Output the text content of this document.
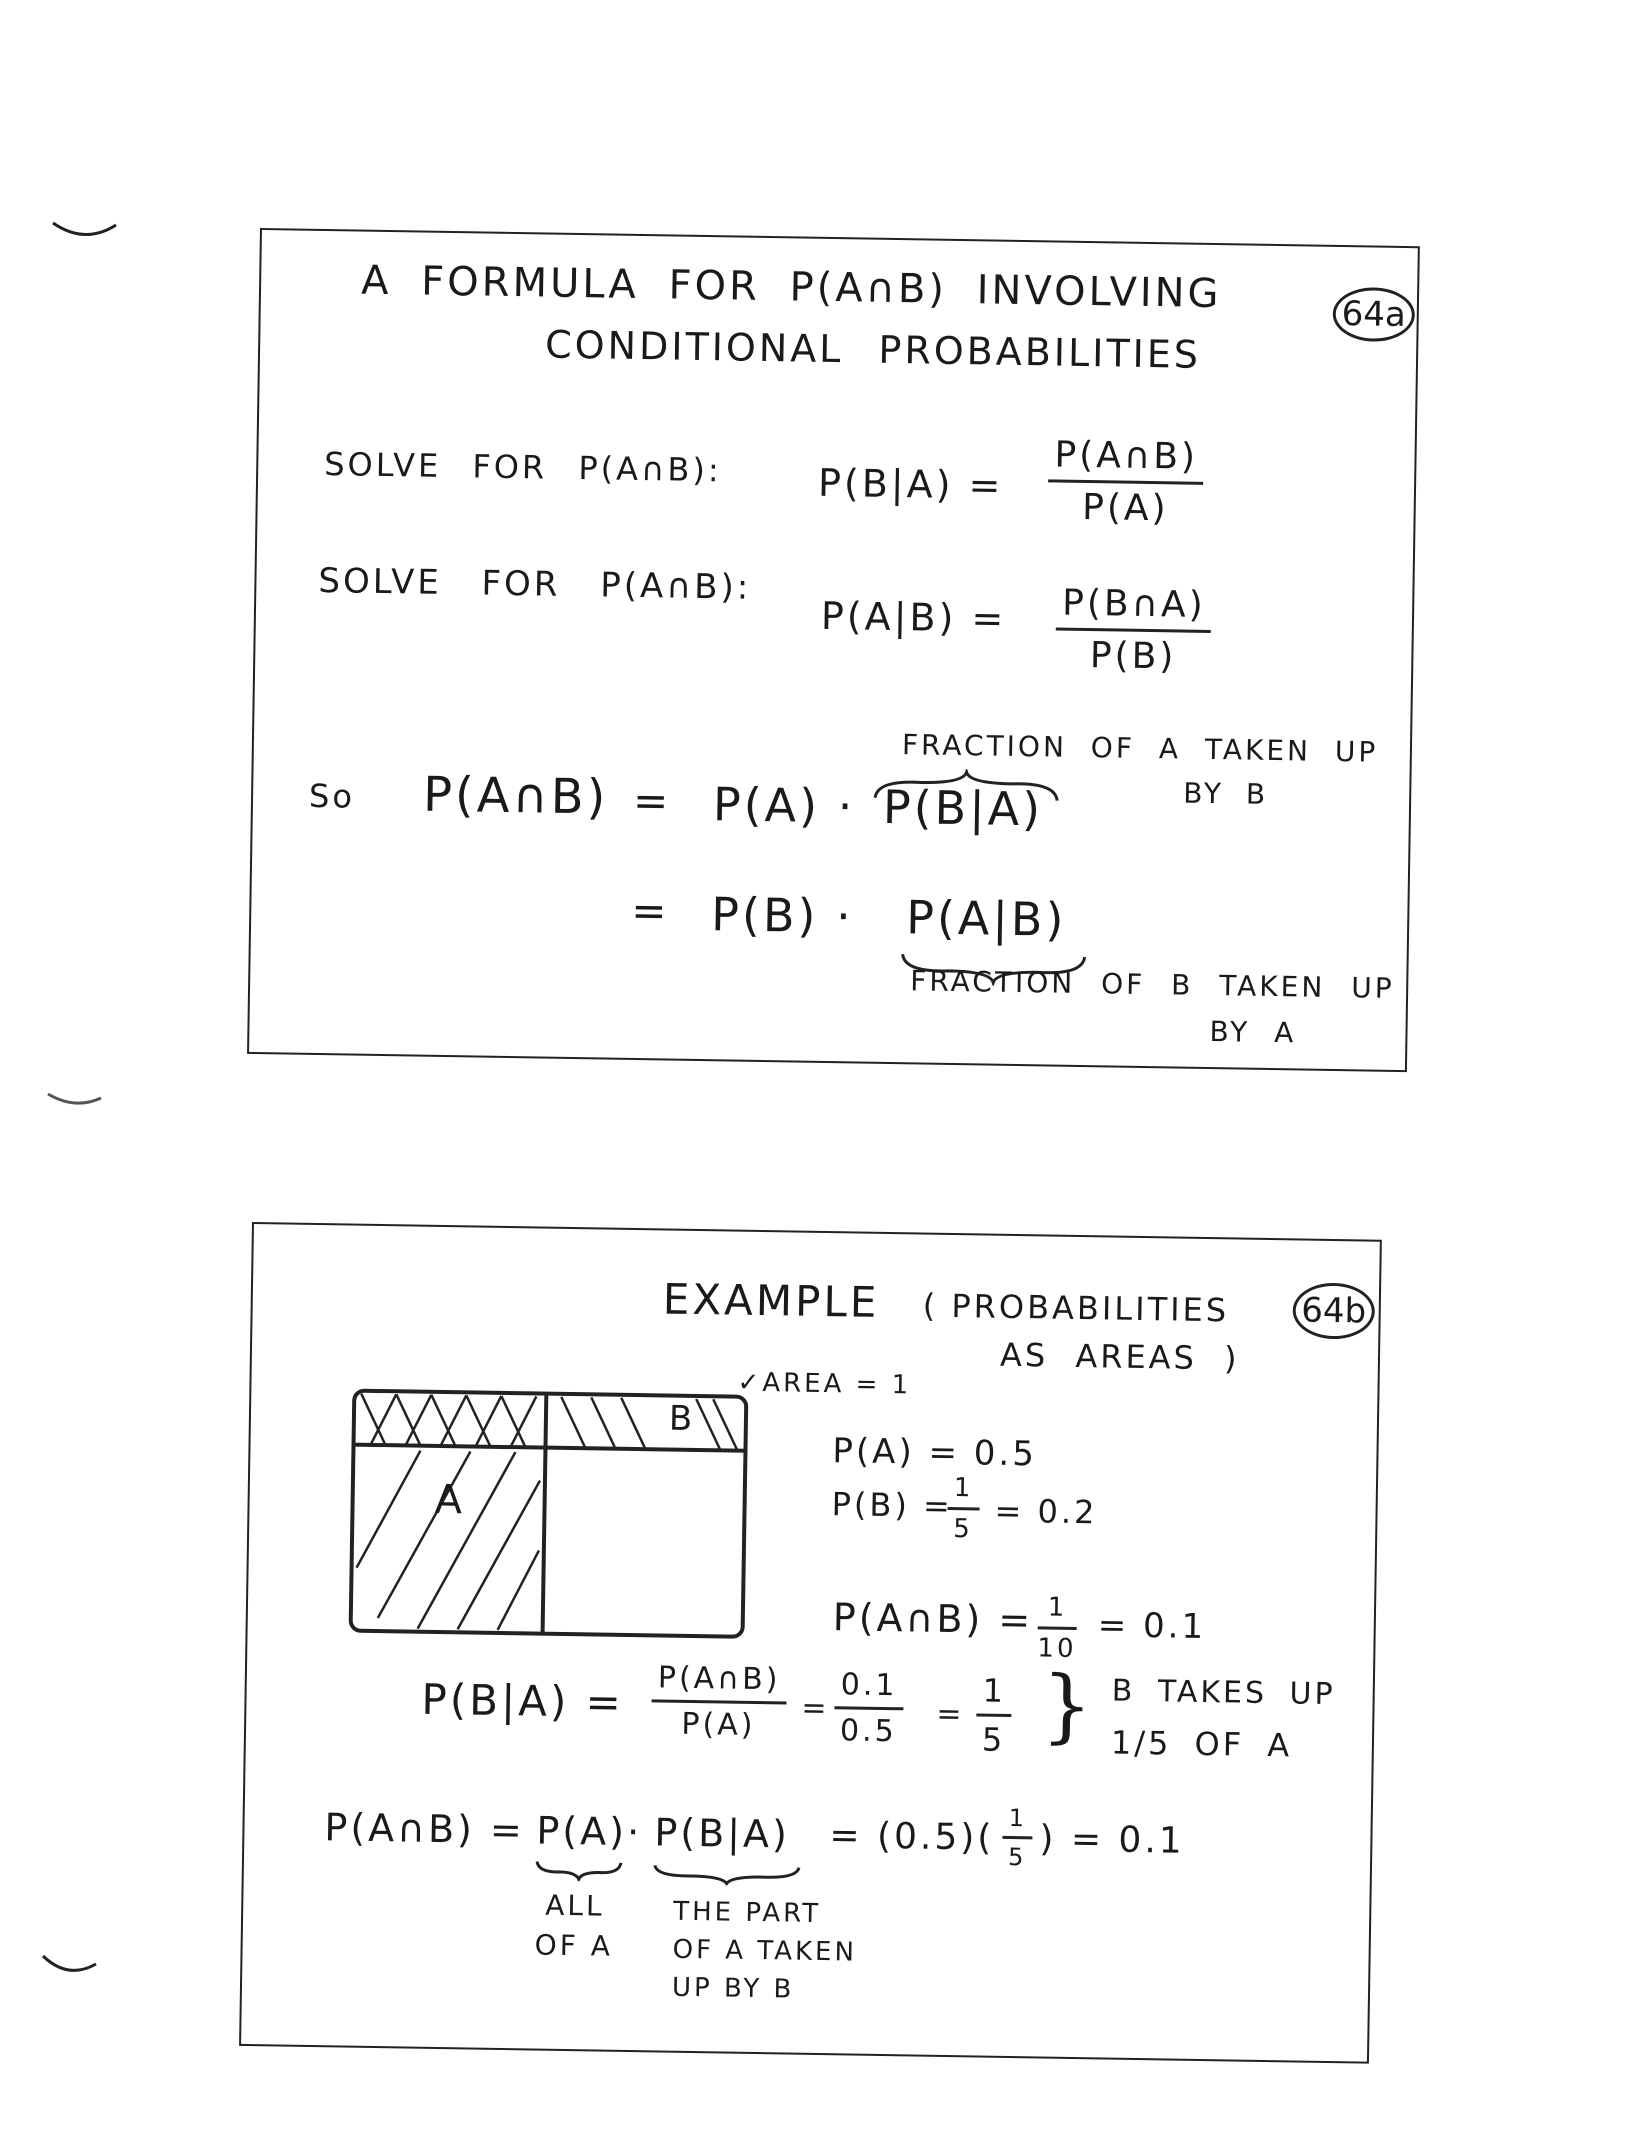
64a
A FORMULA FOR P(A∩B) INVOLVING
CONDITIONAL PROBABILITIES
SOLVE FOR P(A∩B):	$P(B|A) = \frac{P(A\cap B)}{P(A)}$
SOLVE FOR P(A∩B):
$P(A|B) = \frac{P(B\cap A)}{P(B)}$
FRACTION OF A TAKEN UP
BY B
So P(A∩B) = P(A) · P(B|A)
= P(B) · P(A|B)
FRACTION OF B TAKEN UP
BY A
64b
EXAMPLE ( PROBABILITIES
AS AREAS )
✓AREA = 1
A
B
P(A) = 0.5
P(B) =
$\frac{1}{5} = 0.2$
P(A∩B) = $\frac{1}{10} = 0.1$
$P(B|A) = \frac{P(A\cap B)}{P(A)} = \frac{0.1}{0.5} = \frac{1}{5}$ } B TAKES UP
1/5 OF A
P(A∩B) = $P(A)\cdot P(B|A) = (0.5)( \frac{1}{5}$ ) = 0.1
ALL
OF A
THE PART
OF A TAKEN
UP BY B
